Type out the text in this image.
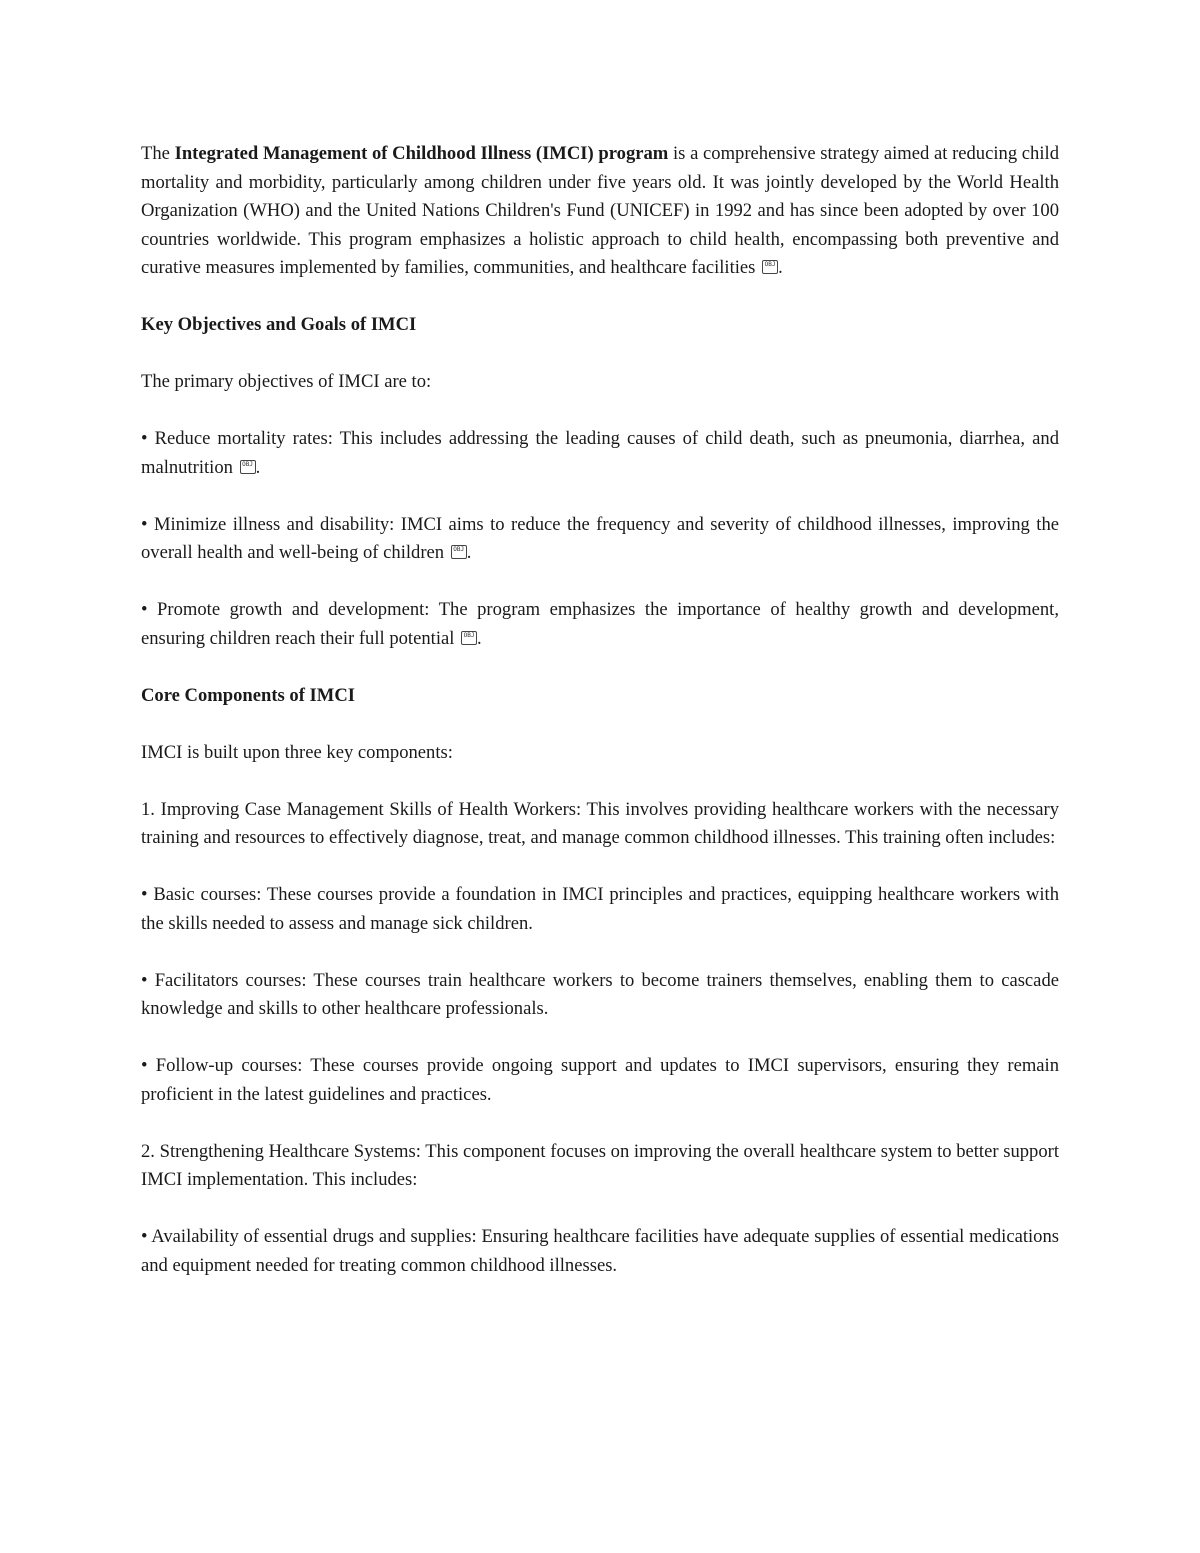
The Integrated Management of Childhood Illness (IMCI) program is a comprehensive strategy aimed at reducing child mortality and morbidity, particularly among children under five years old. It was jointly developed by the World Health Organization (WHO) and the United Nations Children's Fund (UNICEF) in 1992 and has since been adopted by over 100 countries worldwide. This program emphasizes a holistic approach to child health, encompassing both preventive and curative measures implemented by families, communities, and healthcare facilities OBJ .

Key Objectives and Goals of IMCI

The primary objectives of IMCI are to:

• Reduce mortality rates: This includes addressing the leading causes of child death, such as pneumonia, diarrhea, and malnutrition OBJ .

• Minimize illness and disability: IMCI aims to reduce the frequency and severity of childhood illnesses, improving the overall health and well-being of children OBJ .

• Promote growth and development: The program emphasizes the importance of healthy growth and development, ensuring children reach their full potential OBJ .

Core Components of IMCI

IMCI is built upon three key components:

1. Improving Case Management Skills of Health Workers: This involves providing healthcare workers with the necessary training and resources to effectively diagnose, treat, and manage common childhood illnesses. This training often includes:

• Basic courses: These courses provide a foundation in IMCI principles and practices, equipping healthcare workers with the skills needed to assess and manage sick children.

• Facilitators courses: These courses train healthcare workers to become trainers themselves, enabling them to cascade knowledge and skills to other healthcare professionals.

• Follow-up courses: These courses provide ongoing support and updates to IMCI supervisors, ensuring they remain proficient in the latest guidelines and practices.

2. Strengthening Healthcare Systems: This component focuses on improving the overall healthcare system to better support IMCI implementation. This includes:

• Availability of essential drugs and supplies: Ensuring healthcare facilities have adequate supplies of essential medications and equipment needed for treating common childhood illnesses.
